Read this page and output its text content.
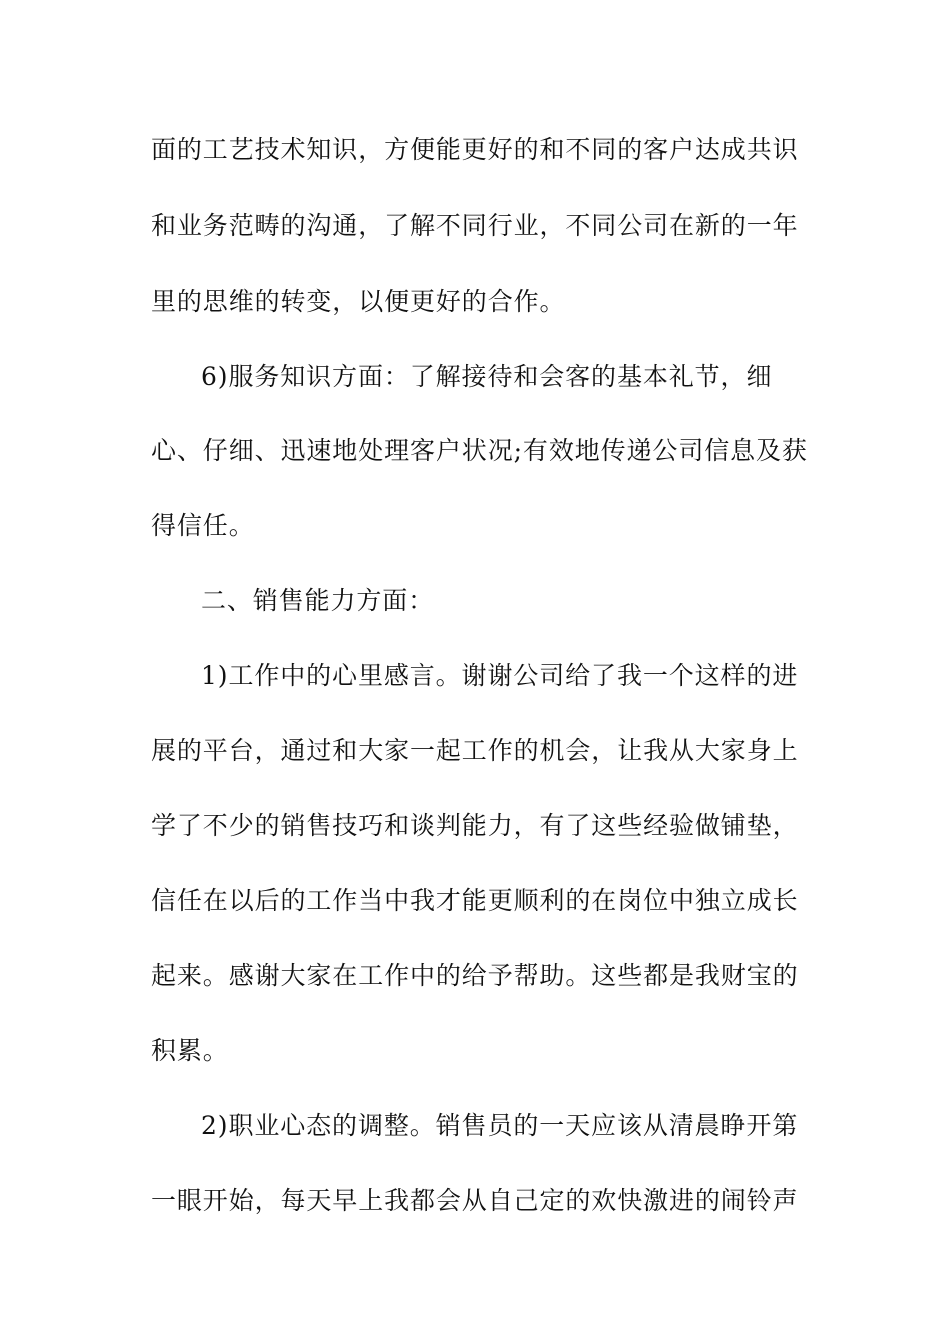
面的工艺技术知识，方便能更好的和不同的客户达成共识
和业务范畴的沟通，了解不同行业，不同公司在新的一年
里的思维的转变，以便更好的合作。
6)服务知识方面：了解接待和会客的基本礼节，细
心、仔细、迅速地处理客户状况;有效地传递公司信息及获
得信任。
二、销售能力方面：
1)工作中的心里感言。谢谢公司给了我一个这样的进
展的平台，通过和大家一起工作的机会，让我从大家身上
学了不少的销售技巧和谈判能力，有了这些经验做铺垫，
信任在以后的工作当中我才能更顺利的在岗位中独立成长
起来。感谢大家在工作中的给予帮助。这些都是我财宝的
积累。
2)职业心态的调整。销售员的一天应该从清晨睁开第
一眼开始，每天早上我都会从自己定的欢快激进的闹铃声
